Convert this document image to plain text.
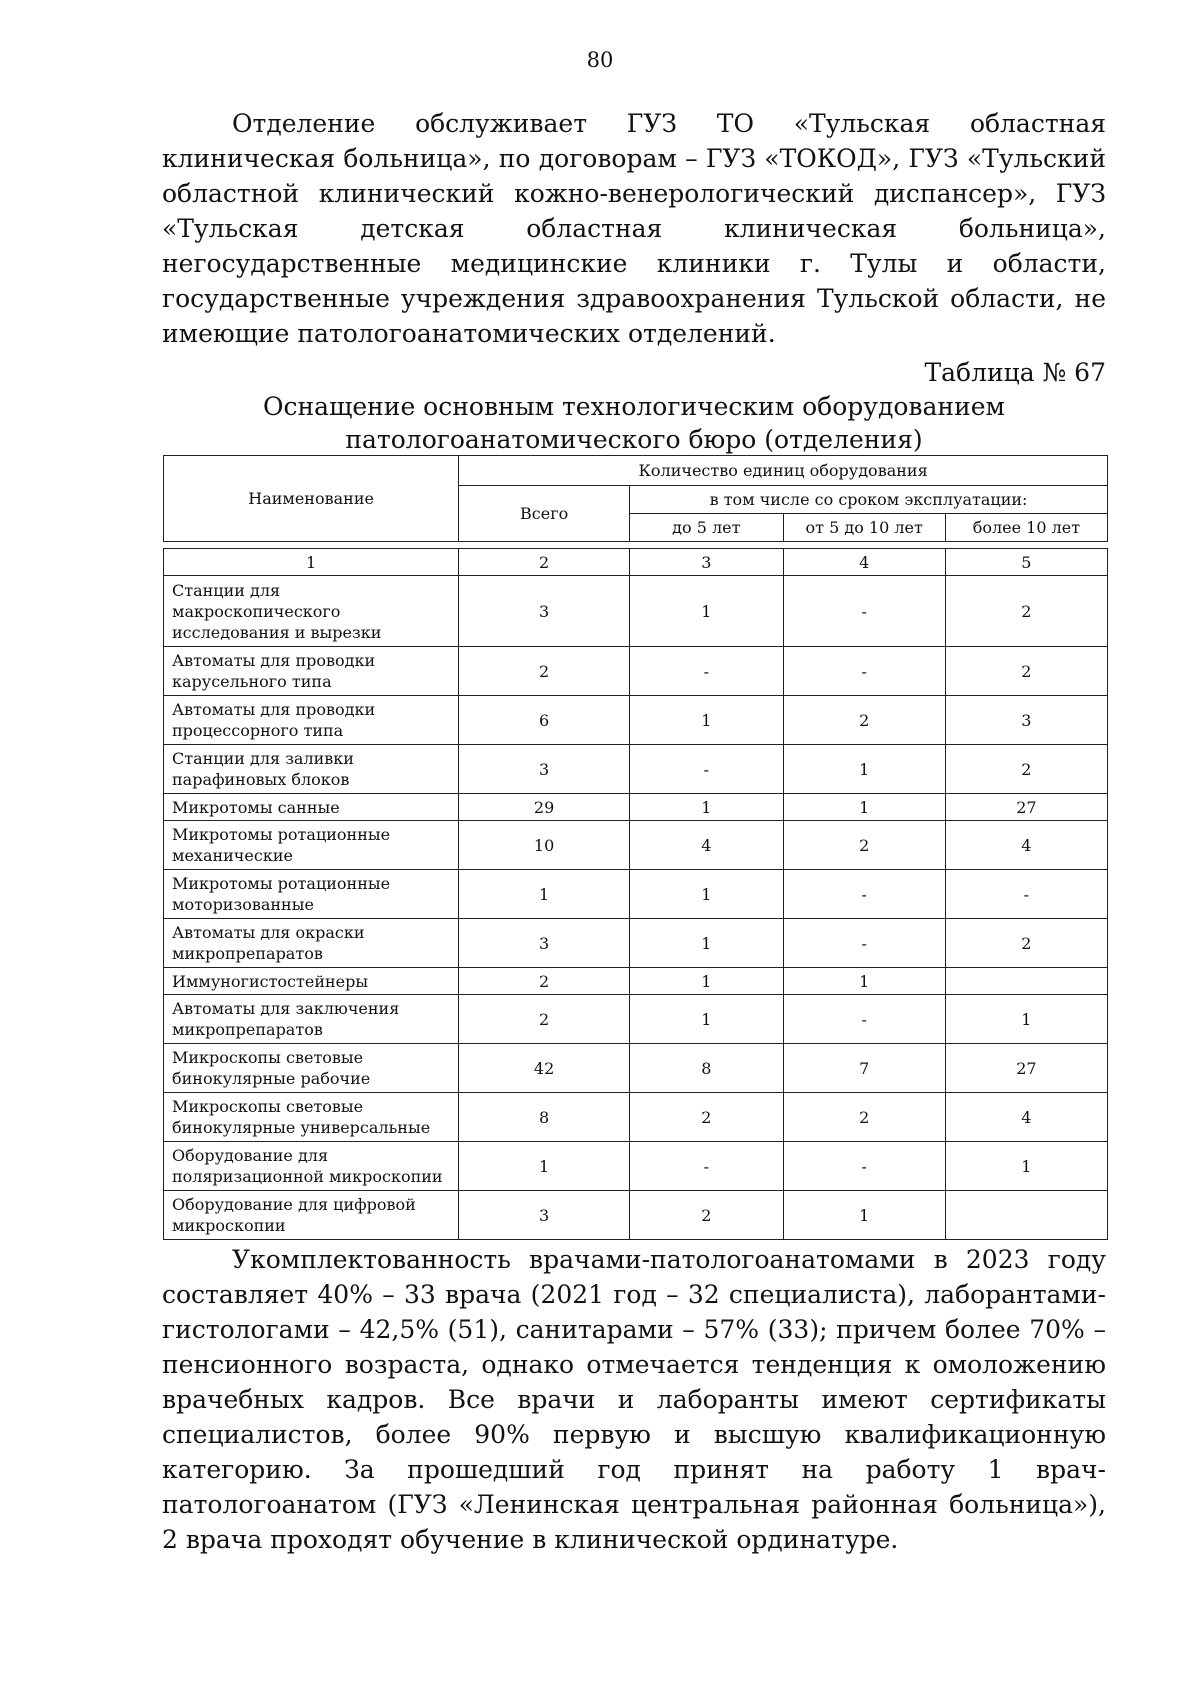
80

Отделение обслуживает ГУЗ ТО «Тульская областная клиническая больница», по договорам – ГУЗ «ТОКОД», ГУЗ «Тульский областной клинический кожно-венерологический диспансер», ГУЗ «Тульская детская областная клиническая больница», негосударственные медицинские клиники г. Тулы и области, государственные учреждения здравоохранения Тульской области, не имеющие патологоанатомических отделений.

Таблица № 67
Оснащение основным технологическим оборудованием
патологоанатомического бюро (отделения)
Наименование	Количество единиц оборудования			
	Всего	в том числе со сроком эксплуатации:		
		до 5 лет	от 5 до 10 лет	более 10 лет
1	2	3	4	5
Станции для макроскопического исследования и вырезки	3	1	-	2
Автоматы для проводки карусельного типа	2	-	-	2
Автоматы для проводки процессорного типа	6	1	2	3
Станции для заливки парафиновых блоков	3	-	1	2
Микротомы санные	29	1	1	27
Микротомы ротационные механические	10	4	2	4
Микротомы ротационные моторизованные	1	1	-	-
Автоматы для окраски микропрепаратов	3	1	-	2
Иммуногистостейнеры	2	1	1	
Автоматы для заключения микропрепаратов	2	1	-	1
Микроскопы световые бинокулярные рабочие	42	8	7	27
Микроскопы световые бинокулярные универсальные	8	2	2	4
Оборудование для поляризационной микроскопии	1	-	-	1
Оборудование для цифровой микроскопии	3	2	1	

Укомплектованность врачами-патологоанатомами в 2023 году составляет 40% – 33 врача (2021 год – 32 специалиста), лаборантами-гистологами – 42,5% (51), санитарами – 57% (33); причем более 70% – пенсионного возраста, однако отмечается тенденция к омоложению врачебных кадров. Все врачи и лаборанты имеют сертификаты специалистов, более 90% первую и высшую квалификационную категорию. За прошедший год принят на работу 1 врач-патологоанатом (ГУЗ «Ленинская центральная районная больница»), 2 врача проходят обучение в клинической ординатуре.
